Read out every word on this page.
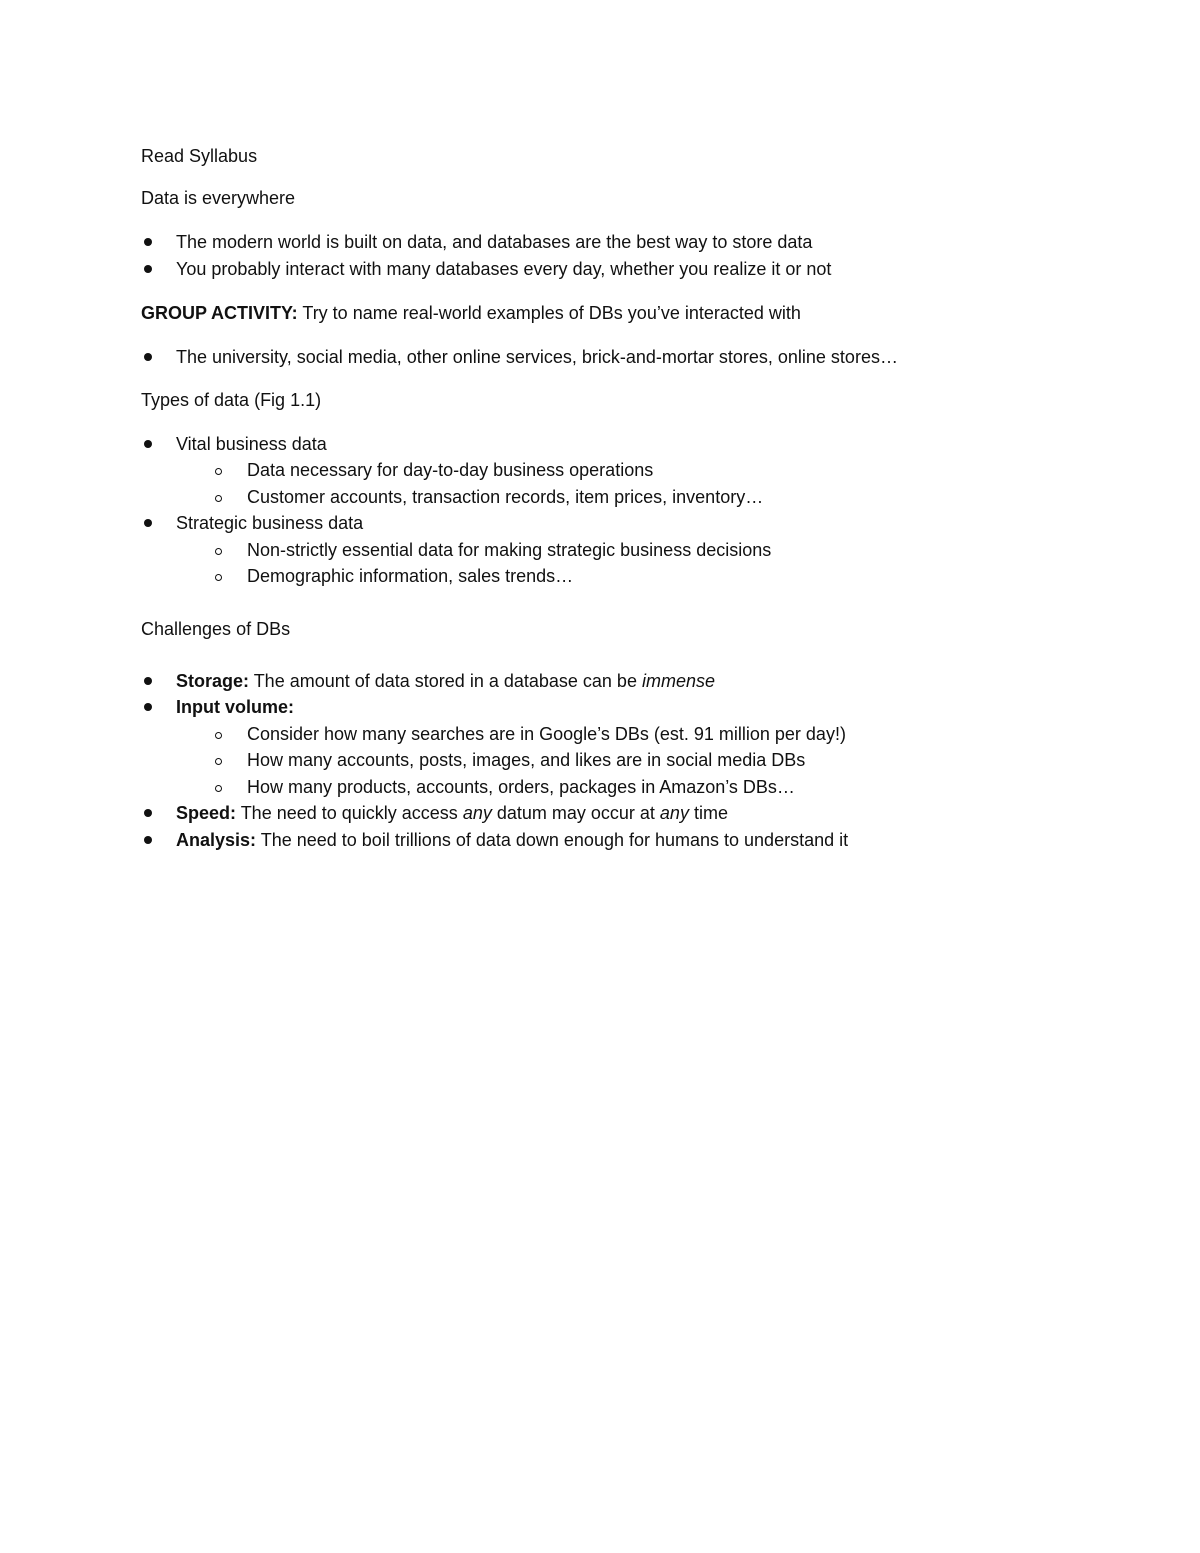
Read Syllabus

Data is everywhere

The modern world is built on data, and databases are the best way to store data
You probably interact with many databases every day, whether you realize it or not

GROUP ACTIVITY: Try to name real-world examples of DBs you’ve interacted with

The university, social media, other online services, brick-and-mortar stores, online stores…

Types of data (Fig 1.1)

Vital business data
Data necessary for day-to-day business operations
Customer accounts, transaction records, item prices, inventory…
Strategic business data
Non-strictly essential data for making strategic business decisions
Demographic information, sales trends…

Challenges of DBs

Storage: The amount of data stored in a database can be immense
Input volume:
Consider how many searches are in Google’s DBs (est. 91 million per day!)
How many accounts, posts, images, and likes are in social media DBs
How many products, accounts, orders, packages in Amazon’s DBs…
Speed: The need to quickly access any datum may occur at any time
Analysis: The need to boil trillions of data down enough for humans to understand it
